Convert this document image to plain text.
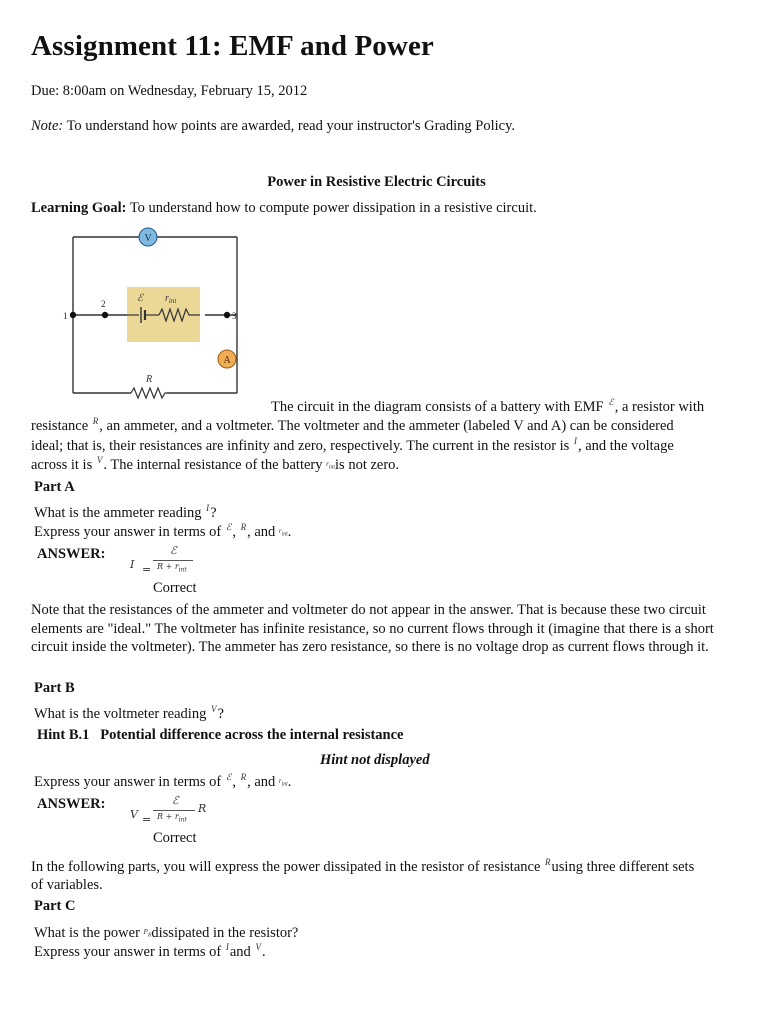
Assignment 11: EMF and Power
Due: 8:00am on Wednesday, February 15, 2012
Note: To understand how points are awarded, read your instructor's Grading Policy.
Power in Resistive Electric Circuits
Learning Goal: To understand how to compute power dissipation in a resistive circuit.
ℰ $r_{int}$
R
V
A
1
2
3
The circuit in the diagram consists of a battery with EMF $^ℰ$, a resistor with
resistance $^R$, an ammeter, and a voltmeter. The voltmeter and the ammeter (labeled V and A) can be considered
ideal; that is, their resistances are infinity and zero, respectively. The current in the resistor is $^I$, and the voltage
across it is $^V$. The internal resistance of the battery $^{r_{int}}$is not zero.
Part A
What is the ammeter reading $^I$?
Express your answer in terms of $^ℰ$, $^R$, and $^{r_{int}}$.
ANSWER:
I =
ℰ
$R + r_{int}$
Correct
Note that the resistances of the ammeter and voltmeter do not appear in the answer. That is because these two circuit elements are "ideal." The voltmeter has infinite resistance, so no current flows through it (imagine that there is a short circuit inside the voltmeter). The ammeter has zero resistance, so there is no voltage drop as current flows through it.
Part B
What is the voltmeter reading $^V$?
Hint B.1 Potential difference across the internal resistance
Hint not displayed
Express your answer in terms of $^ℰ$, $^R$, and $^{r_{int}}$.
ANSWER:
V =
ℰ
$R + r_{int}$
R
Correct
In the following parts, you will express the power dissipated in the resistor of resistance $^R$using three different sets
of variables.
Part C
What is the power $^{P_R}$dissipated in the resistor?
Express your answer in terms of $^I$and $^V$.
